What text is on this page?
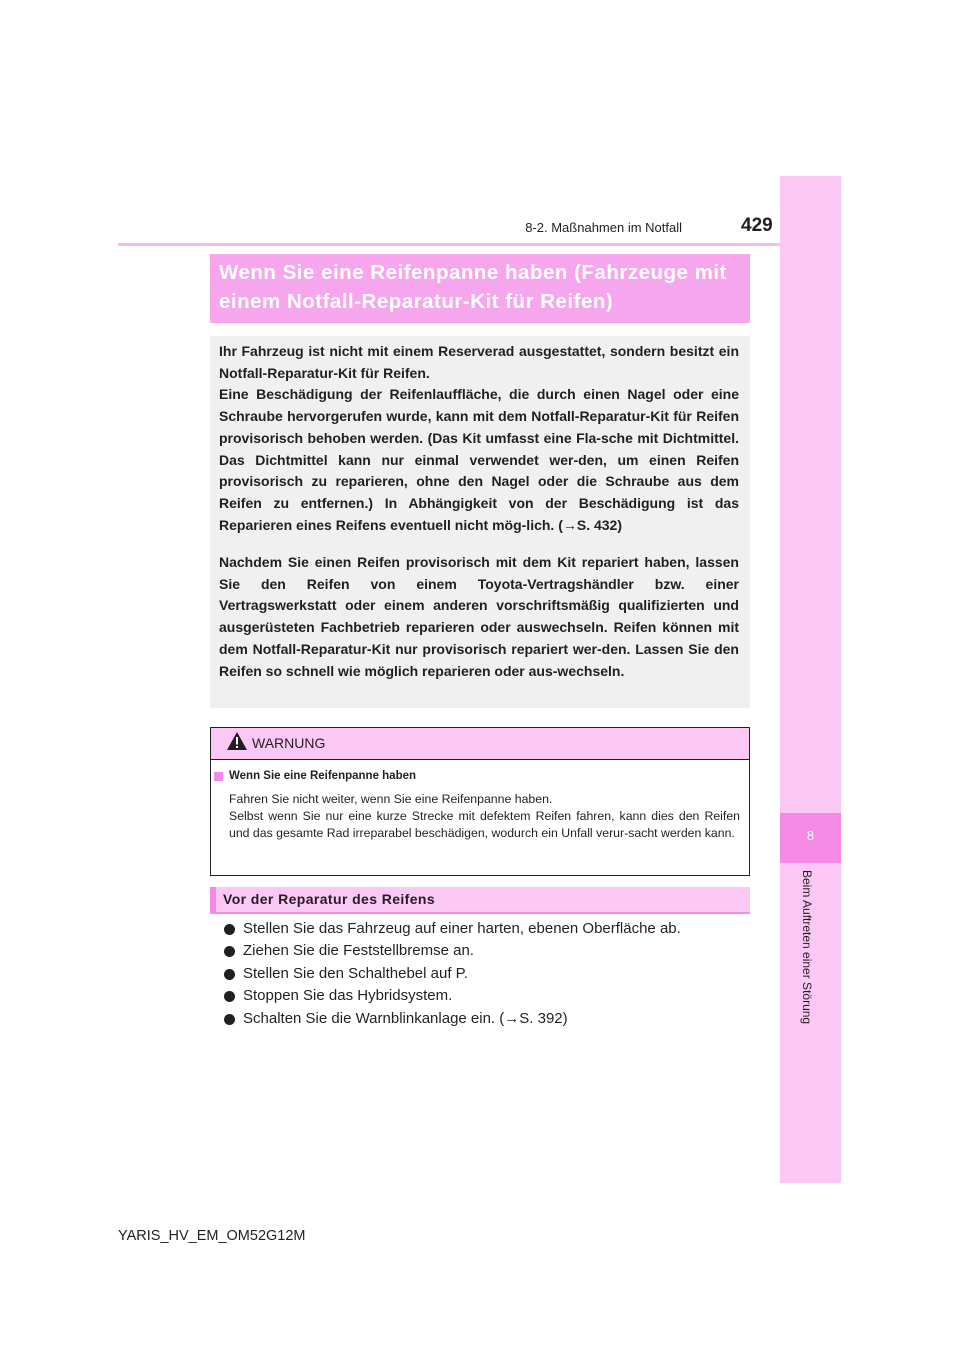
8-2. Maßnahmen im Notfall	429
8
Beim Auftreten einer Störung
Wenn Sie eine Reifenpanne haben (Fahrzeuge mit einem Notfall-Reparatur-Kit für Reifen)

Ihr Fahrzeug ist nicht mit einem Reserverad ausgestattet, sondern besitzt ein Notfall-Reparatur-Kit für Reifen.
Eine Beschädigung der Reifenlauffläche, die durch einen Nagel oder eine Schraube hervorgerufen wurde, kann mit dem Notfall-Reparatur-Kit für Reifen provisorisch behoben werden. (Das Kit umfasst eine Fla-sche mit Dichtmittel. Das Dichtmittel kann nur einmal verwendet wer-den, um einen Reifen provisorisch zu reparieren, ohne den Nagel oder die Schraube aus dem Reifen zu entfernen.) In Abhängigkeit von der Beschädigung ist das Reparieren eines Reifens eventuell nicht mög-lich. (→S. 432)

Nachdem Sie einen Reifen provisorisch mit dem Kit repariert haben, lassen Sie den Reifen von einem Toyota-Vertragshändler bzw. einer Vertragswerkstatt oder einem anderen vorschriftsmäßig qualifizierten und ausgerüsteten Fachbetrieb reparieren oder auswechseln. Reifen können mit dem Notfall-Reparatur-Kit nur provisorisch repariert wer-den. Lassen Sie den Reifen so schnell wie möglich reparieren oder aus-wechseln.

WARNUNG
Wenn Sie eine Reifenpanne haben

Fahren Sie nicht weiter, wenn Sie eine Reifenpanne haben.

Selbst wenn Sie nur eine kurze Strecke mit defektem Reifen fahren, kann dies den Reifen und das gesamte Rad irreparabel beschädigen, wodurch ein Unfall verur-sacht werden kann.

Vor der Reparatur des Reifens
Stellen Sie das Fahrzeug auf einer harten, ebenen Oberfläche ab.
Ziehen Sie die Feststellbremse an.
Stellen Sie den Schalthebel auf P.
Stoppen Sie das Hybridsystem.
Schalten Sie die Warnblinkanlage ein. (→S. 392)
YARIS_HV_EM_OM52G12M
